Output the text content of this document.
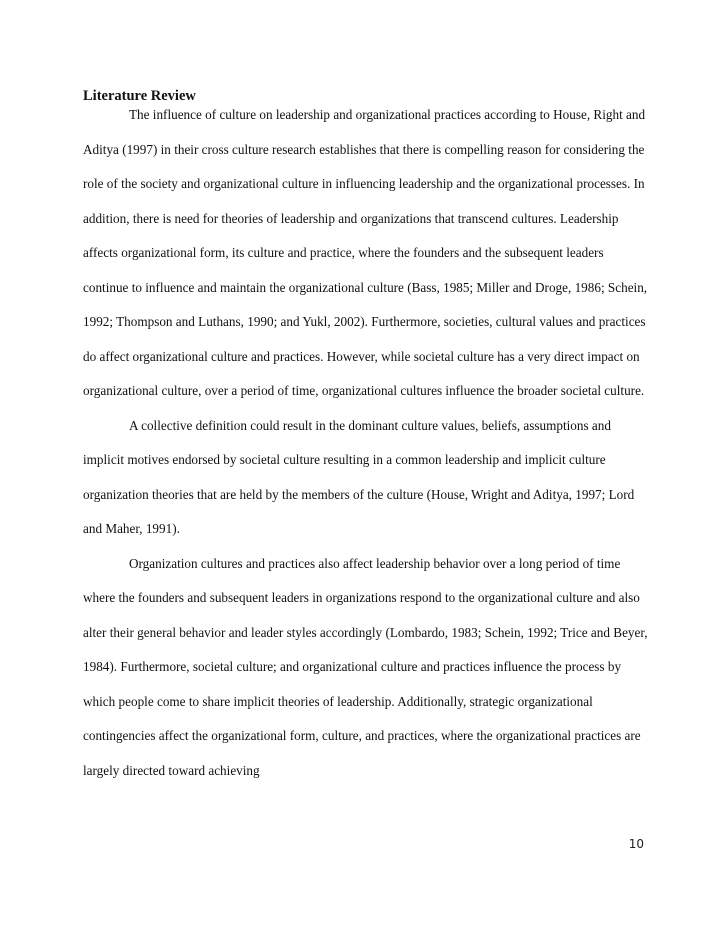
Literature Review

The influence of culture on leadership and organizational practices according to House, Right and Aditya (1997) in their cross culture research establishes that there is compelling reason for considering the role of the society and organizational culture in influencing leadership and the organizational processes. In addition, there is need for theories of leadership and organizations that transcend cultures. Leadership affects organizational form, its culture and practice, where the founders and the subsequent leaders continue to influence and maintain the organizational culture (Bass, 1985; Miller and Droge, 1986; Schein, 1992; Thompson and Luthans, 1990; and Yukl, 2002). Furthermore, societies, cultural values and practices do affect organizational culture and practices. However, while societal culture has a very direct impact on organizational culture, over a period of time, organizational cultures influence the broader societal culture.

A collective definition could result in the dominant culture values, beliefs, assumptions and implicit motives endorsed by societal culture resulting in a common leadership and implicit culture organization theories that are held by the members of the culture (House, Wright and Aditya, 1997; Lord and Maher, 1991).

Organization cultures and practices also affect leadership behavior over a long period of time where the founders and subsequent leaders in organizations respond to the organizational culture and also alter their general behavior and leader styles accordingly (Lombardo, 1983; Schein, 1992; Trice and Beyer, 1984). Furthermore, societal culture; and organizational culture and practices influence the process by which people come to share implicit theories of leadership. Additionally, strategic organizational contingencies affect the organizational form, culture, and practices, where the organizational practices are largely directed toward achieving

10
